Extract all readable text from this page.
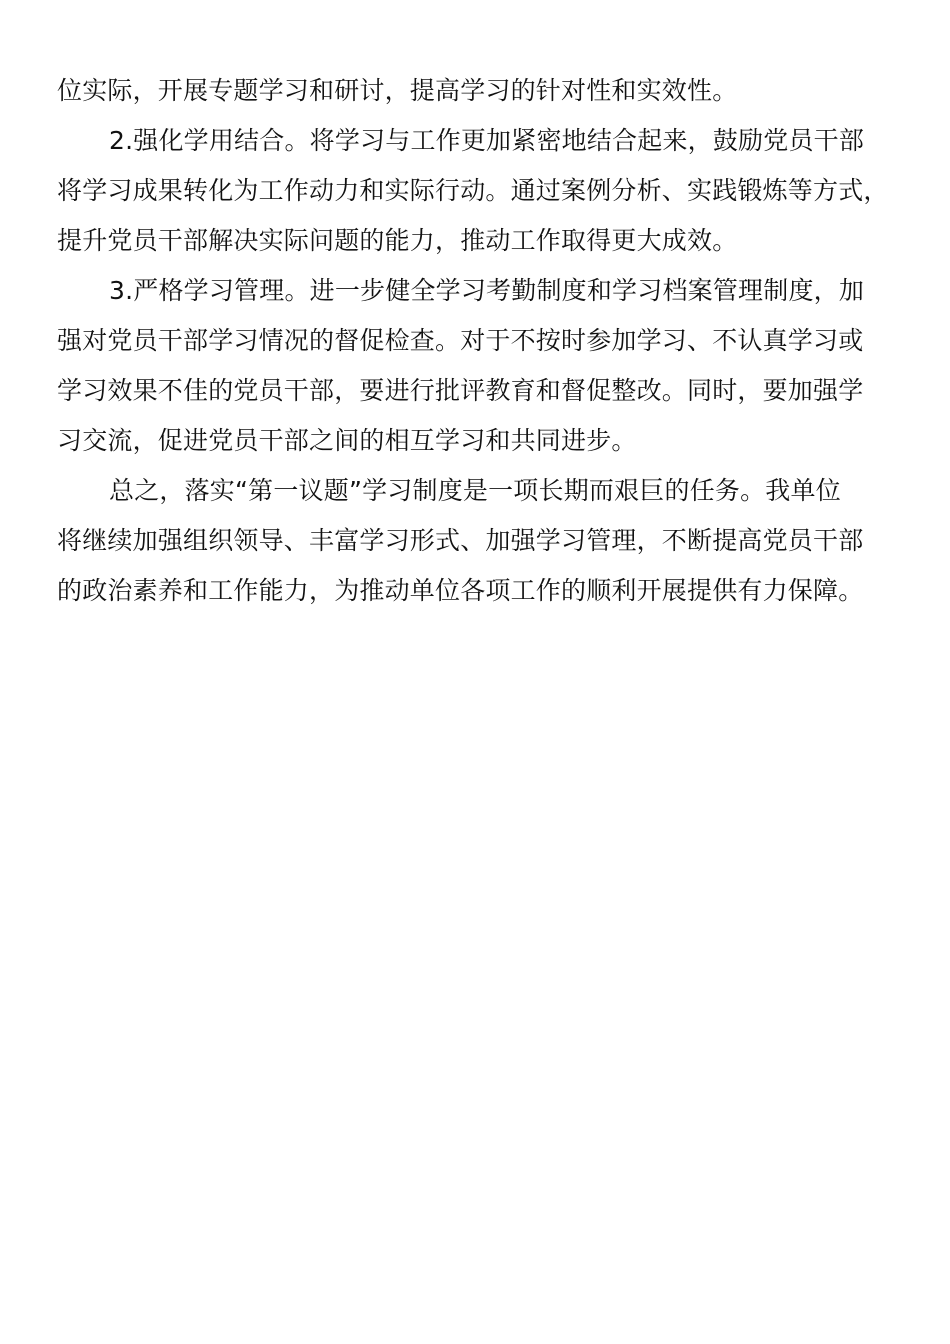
位实际，开展专题学习和研讨，提高学习的针对性和实效性。
2.强化学用结合。将学习与工作更加紧密地结合起来，鼓励党员干部
将学习成果转化为工作动力和实际行动。通过案例分析、实践锻炼等方式，
提升党员干部解决实际问题的能力，推动工作取得更大成效。
3.严格学习管理。进一步健全学习考勤制度和学习档案管理制度，加
强对党员干部学习情况的督促检查。对于不按时参加学习、不认真学习或
学习效果不佳的党员干部，要进行批评教育和督促整改。同时，要加强学
习交流，促进党员干部之间的相互学习和共同进步。
总之，落实“第一议题”学习制度是一项长期而艰巨的任务。我单位
将继续加强组织领导、丰富学习形式、加强学习管理，不断提高党员干部
的政治素养和工作能力，为推动单位各项工作的顺利开展提供有力保障。
